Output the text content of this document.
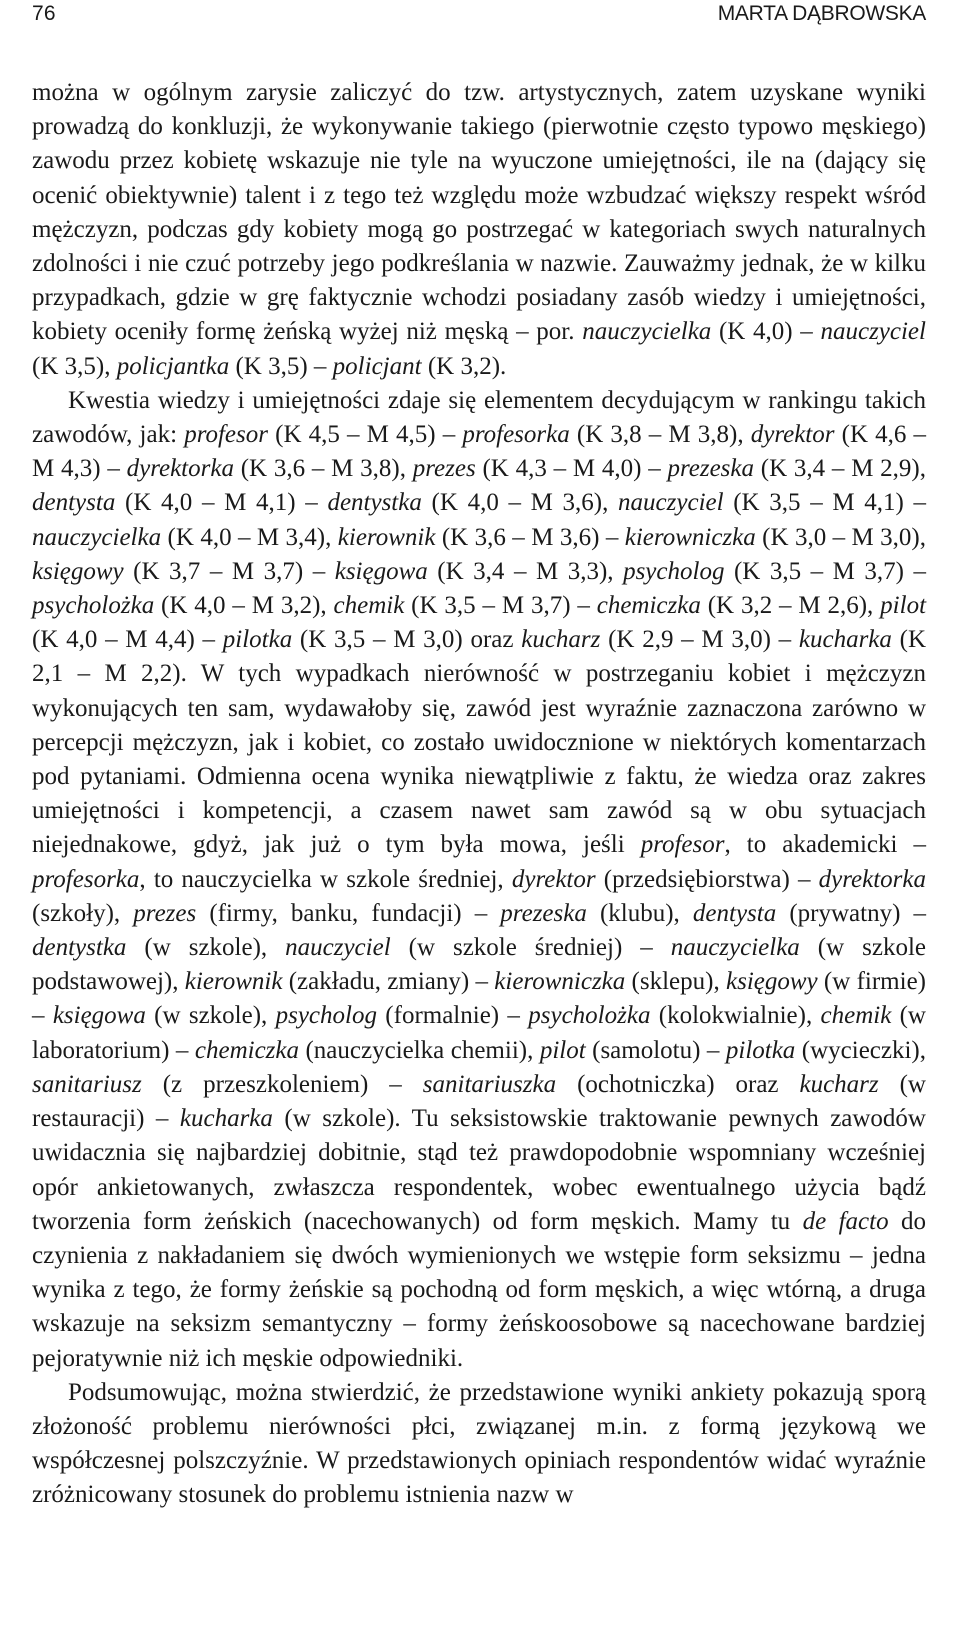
76	MARTA DĄBROWSKA

można w ogólnym zarysie zaliczyć do tzw. artystycznych, zatem uzyskane wyniki prowadzą do konkluzji, że wykonywanie takiego (pierwotnie często typowo męskiego) zawodu przez kobietę wskazuje nie tyle na wyuczone umiejętności, ile na (dający się ocenić obiektywnie) talent i z tego też względu może wzbudzać większy respekt wśród mężczyzn, podczas gdy kobiety mogą go postrzegać w kategoriach swych naturalnych zdolności i nie czuć potrzeby jego podkreślania w nazwie. Zauważmy jednak, że w kilku przypadkach, gdzie w grę faktycznie wchodzi posiadany zasób wiedzy i umiejętności, kobiety oceniły formę żeńską wyżej niż męską – por. nauczycielka (K 4,0) – nauczyciel (K 3,5), policjantka (K 3,5) – policjant (K 3,2).

Kwestia wiedzy i umiejętności zdaje się elementem decydującym w rankingu takich zawodów, jak: profesor (K 4,5 – M 4,5) – profesorka (K 3,8 – M 3,8), dyrektor (K 4,6 – M 4,3) – dyrektorka (K 3,6 – M 3,8), prezes (K 4,3 – M 4,0) – prezeska (K 3,4 – M 2,9), dentysta (K 4,0 – M 4,1) – dentystka (K 4,0 – M 3,6), nauczyciel (K 3,5 – M 4,1) – nauczycielka (K 4,0 – M 3,4), kierownik (K 3,6 – M 3,6) – kierowniczka (K 3,0 – M 3,0), księgowy (K 3,7 – M 3,7) – księgowa (K 3,4 – M 3,3), psycholog (K 3,5 – M 3,7) – psycholożka (K 4,0 – M 3,2), chemik (K 3,5 – M 3,7) – chemiczka (K 3,2 – M 2,6), pilot (K 4,0 – M 4,4) – pilotka (K 3,5 – M 3,0) oraz kucharz (K 2,9 – M 3,0) – kucharka (K 2,1 – M 2,2). W tych wypadkach nierówność w postrzeganiu kobiet i mężczyzn wykonujących ten sam, wydawałoby się, zawód jest wyraźnie zaznaczona zarówno w percepcji mężczyzn, jak i kobiet, co zostało uwidocznione w niektórych komentarzach pod pytaniami. Odmienna ocena wynika niewątpliwie z faktu, że wiedza oraz zakres umiejętności i kompetencji, a czasem nawet sam zawód są w obu sytuacjach niejednakowe, gdyż, jak już o tym była mowa, jeśli profesor, to akademicki – profesorka, to nauczycielka w szkole średniej, dyrektor (przedsiębiorstwa) – dyrektorka (szkoły), prezes (firmy, banku, fundacji) – prezeska (klubu), dentysta (prywatny) – dentystka (w szkole), nauczyciel (w szkole średniej) – nauczycielka (w szkole podstawowej), kierownik (zakładu, zmiany) – kierowniczka (sklepu), księgowy (w firmie) – księgowa (w szkole), psycholog (formalnie) – psycholożka (kolokwialnie), chemik (w laboratorium) – chemiczka (nauczycielka chemii), pilot (samolotu) – pilotka (wycieczki), sanitariusz (z przeszkoleniem) – sanitariuszka (ochotniczka) oraz kucharz (w restauracji) – kucharka (w szkole). Tu seksistowskie traktowanie pewnych zawodów uwidacznia się najbardziej dobitnie, stąd też prawdopodobnie wspomniany wcześniej opór ankietowanych, zwłaszcza respondentek, wobec ewentualnego użycia bądź tworzenia form żeńskich (nacechowanych) od form męskich. Mamy tu de facto do czynienia z nakładaniem się dwóch wymienionych we wstępie form seksizmu – jedna wynika z tego, że formy żeńskie są pochodną od form męskich, a więc wtórną, a druga wskazuje na seksizm semantyczny – formy żeńskoosobowe są nacechowane bardziej pejoratywnie niż ich męskie odpowiedniki.

Podsumowując, można stwierdzić, że przedstawione wyniki ankiety pokazują sporą złożoność problemu nierówności płci, związanej m.in. z formą językową we współczesnej polszczyźnie. W przedstawionych opiniach respondentów widać wyraźnie zróżnicowany stosunek do problemu istnienia nazw w
